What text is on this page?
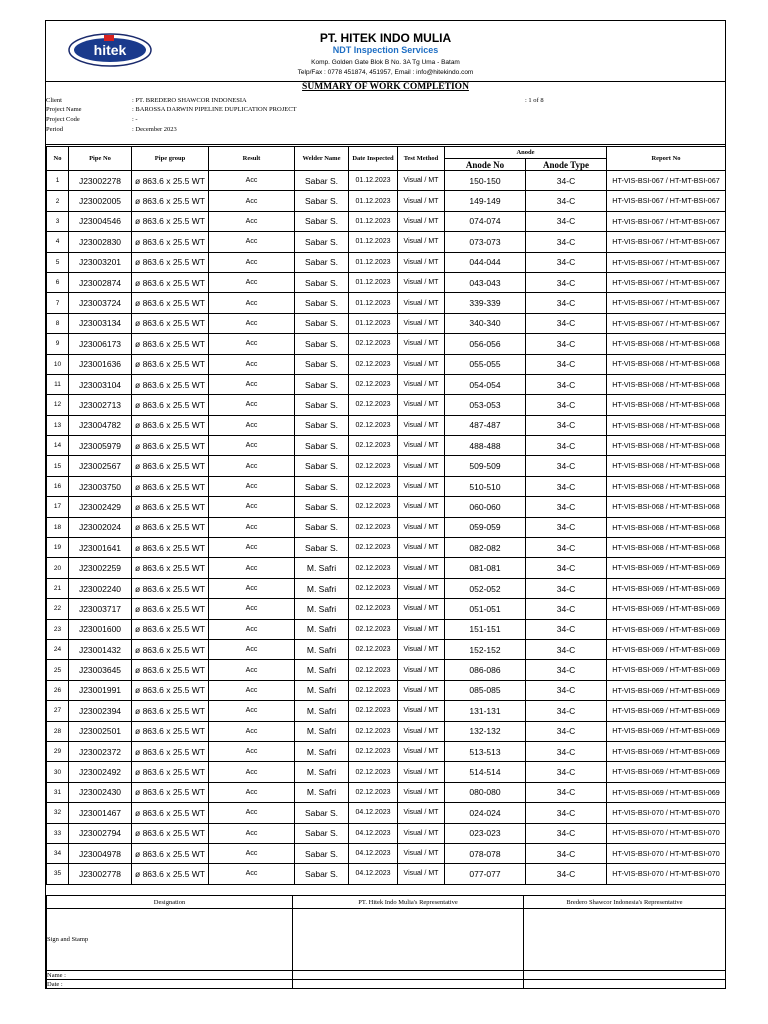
hitek
PT. HITEK INDO MULIA
NDT Inspection Services
Komp. Golden Gate Blok B No. 3A Tg Uma - Batam
Telp/Fax : 0778 451874, 451957, Email : info@hitekindo.com
SUMMARY OF WORK COMPLETION
Client	: PT. BREDERO SHAWCOR INDONESIA
Project Name	: BAROSSA DARWIN PIPELINE DUPLICATION PROJECT
Project Code	: -
Period	: December 2023
: 1 of 8
No	Pipe No	Pipe group	Result	Welder Name	Date Inspected	Test Method	Anode		Report No
							Anode No	Anode Type	
1	J23002278	ø 863.6 x 25.5 WT	Acc	Sabar S.	01.12.2023	Visual / MT	150-150	34-C	HT-VIS-BSI-067 / HT-MT-BSI-067
2	J23002005	ø 863.6 x 25.5 WT	Acc	Sabar S.	01.12.2023	Visual / MT	149-149	34-C	HT-VIS-BSI-067 / HT-MT-BSI-067
3	J23004546	ø 863.6 x 25.5 WT	Acc	Sabar S.	01.12.2023	Visual / MT	074-074	34-C	HT-VIS-BSI-067 / HT-MT-BSI-067
4	J23002830	ø 863.6 x 25.5 WT	Acc	Sabar S.	01.12.2023	Visual / MT	073-073	34-C	HT-VIS-BSI-067 / HT-MT-BSI-067
5	J23003201	ø 863.6 x 25.5 WT	Acc	Sabar S.	01.12.2023	Visual / MT	044-044	34-C	HT-VIS-BSI-067 / HT-MT-BSI-067
6	J23002874	ø 863.6 x 25.5 WT	Acc	Sabar S.	01.12.2023	Visual / MT	043-043	34-C	HT-VIS-BSI-067 / HT-MT-BSI-067
7	J23003724	ø 863.6 x 25.5 WT	Acc	Sabar S.	01.12.2023	Visual / MT	339-339	34-C	HT-VIS-BSI-067 / HT-MT-BSI-067
8	J23003134	ø 863.6 x 25.5 WT	Acc	Sabar S.	01.12.2023	Visual / MT	340-340	34-C	HT-VIS-BSI-067 / HT-MT-BSI-067
9	J23006173	ø 863.6 x 25.5 WT	Acc	Sabar S.	02.12.2023	Visual / MT	056-056	34-C	HT-VIS-BSI-068 / HT-MT-BSI-068
10	J23001636	ø 863.6 x 25.5 WT	Acc	Sabar S.	02.12.2023	Visual / MT	055-055	34-C	HT-VIS-BSI-068 / HT-MT-BSI-068
11	J23003104	ø 863.6 x 25.5 WT	Acc	Sabar S.	02.12.2023	Visual / MT	054-054	34-C	HT-VIS-BSI-068 / HT-MT-BSI-068
12	J23002713	ø 863.6 x 25.5 WT	Acc	Sabar S.	02.12.2023	Visual / MT	053-053	34-C	HT-VIS-BSI-068 / HT-MT-BSI-068
13	J23004782	ø 863.6 x 25.5 WT	Acc	Sabar S.	02.12.2023	Visual / MT	487-487	34-C	HT-VIS-BSI-068 / HT-MT-BSI-068
14	J23005979	ø 863.6 x 25.5 WT	Acc	Sabar S.	02.12.2023	Visual / MT	488-488	34-C	HT-VIS-BSI-068 / HT-MT-BSI-068
15	J23002567	ø 863.6 x 25.5 WT	Acc	Sabar S.	02.12.2023	Visual / MT	509-509	34-C	HT-VIS-BSI-068 / HT-MT-BSI-068
16	J23003750	ø 863.6 x 25.5 WT	Acc	Sabar S.	02.12.2023	Visual / MT	510-510	34-C	HT-VIS-BSI-068 / HT-MT-BSI-068
17	J23002429	ø 863.6 x 25.5 WT	Acc	Sabar S.	02.12.2023	Visual / MT	060-060	34-C	HT-VIS-BSI-068 / HT-MT-BSI-068
18	J23002024	ø 863.6 x 25.5 WT	Acc	Sabar S.	02.12.2023	Visual / MT	059-059	34-C	HT-VIS-BSI-068 / HT-MT-BSI-068
19	J23001641	ø 863.6 x 25.5 WT	Acc	Sabar S.	02.12.2023	Visual / MT	082-082	34-C	HT-VIS-BSI-068 / HT-MT-BSI-068
20	J23002259	ø 863.6 x 25.5 WT	Acc	M. Safri	02.12.2023	Visual / MT	081-081	34-C	HT-VIS-BSI-069 / HT-MT-BSI-069
21	J23002240	ø 863.6 x 25.5 WT	Acc	M. Safri	02.12.2023	Visual / MT	052-052	34-C	HT-VIS-BSI-069 / HT-MT-BSI-069
22	J23003717	ø 863.6 x 25.5 WT	Acc	M. Safri	02.12.2023	Visual / MT	051-051	34-C	HT-VIS-BSI-069 / HT-MT-BSI-069
23	J23001600	ø 863.6 x 25.5 WT	Acc	M. Safri	02.12.2023	Visual / MT	151-151	34-C	HT-VIS-BSI-069 / HT-MT-BSI-069
24	J23001432	ø 863.6 x 25.5 WT	Acc	M. Safri	02.12.2023	Visual / MT	152-152	34-C	HT-VIS-BSI-069 / HT-MT-BSI-069
25	J23003645	ø 863.6 x 25.5 WT	Acc	M. Safri	02.12.2023	Visual / MT	086-086	34-C	HT-VIS-BSI-069 / HT-MT-BSI-069
26	J23001991	ø 863.6 x 25.5 WT	Acc	M. Safri	02.12.2023	Visual / MT	085-085	34-C	HT-VIS-BSI-069 / HT-MT-BSI-069
27	J23002394	ø 863.6 x 25.5 WT	Acc	M. Safri	02.12.2023	Visual / MT	131-131	34-C	HT-VIS-BSI-069 / HT-MT-BSI-069
28	J23002501	ø 863.6 x 25.5 WT	Acc	M. Safri	02.12.2023	Visual / MT	132-132	34-C	HT-VIS-BSI-069 / HT-MT-BSI-069
29	J23002372	ø 863.6 x 25.5 WT	Acc	M. Safri	02.12.2023	Visual / MT	513-513	34-C	HT-VIS-BSI-069 / HT-MT-BSI-069
30	J23002492	ø 863.6 x 25.5 WT	Acc	M. Safri	02.12.2023	Visual / MT	514-514	34-C	HT-VIS-BSI-069 / HT-MT-BSI-069
31	J23002430	ø 863.6 x 25.5 WT	Acc	M. Safri	02.12.2023	Visual / MT	080-080	34-C	HT-VIS-BSI-069 / HT-MT-BSI-069
32	J23001467	ø 863.6 x 25.5 WT	Acc	Sabar S.	04.12.2023	Visual / MT	024-024	34-C	HT-VIS-BSI-070 / HT-MT-BSI-070
33	J23002794	ø 863.6 x 25.5 WT	Acc	Sabar S.	04.12.2023	Visual / MT	023-023	34-C	HT-VIS-BSI-070 / HT-MT-BSI-070
34	J23004978	ø 863.6 x 25.5 WT	Acc	Sabar S.	04.12.2023	Visual / MT	078-078	34-C	HT-VIS-BSI-070 / HT-MT-BSI-070
35	J23002778	ø 863.6 x 25.5 WT	Acc	Sabar S.	04.12.2023	Visual / MT	077-077	34-C	HT-VIS-BSI-070 / HT-MT-BSI-070
Designation	PT. Hitek Indo Mulia's Representative	Bredero Shawcor Indonesia's Representative
Sign and Stamp		
Name :		
Date :		
